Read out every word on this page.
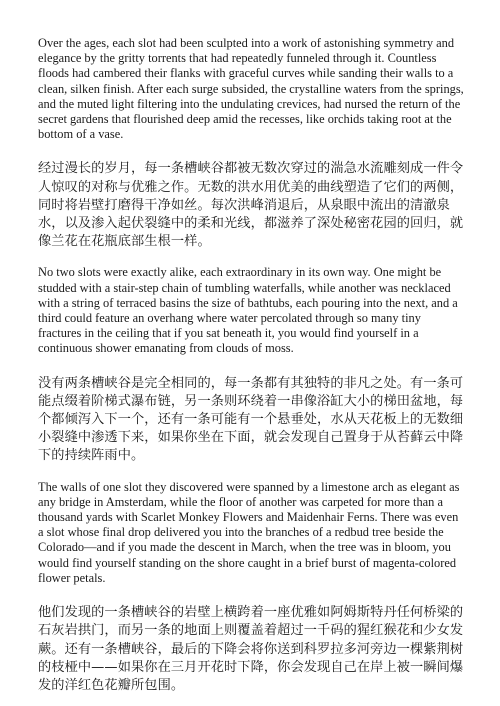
Over the ages, each slot had been sculpted into a work of astonishing symmetry and elegance by the gritty torrents that had repeatedly funneled through it. Countless floods had cambered their flanks with graceful curves while sanding their walls to a clean, silken finish. After each surge subsided, the crystalline waters from the springs, and the muted light filtering into the undulating crevices, had nursed the return of the secret gardens that flourished deep amid the recesses, like orchids taking root at the bottom of a vase.

经过漫长的岁月，每一条槽峡谷都被无数次穿过的湍急水流雕刻成一件令人惊叹的对称与优雅之作。无数的洪水用优美的曲线塑造了它们的两侧，同时将岩壁打磨得干净如丝。每次洪峰消退后，从泉眼中流出的清澈泉水，以及渗入起伏裂缝中的柔和光线，都滋养了深处秘密花园的回归，就像兰花在花瓶底部生根一样。

No two slots were exactly alike, each extraordinary in its own way. One might be studded with a stair-step chain of tumbling waterfalls, while another was necklaced with a string of terraced basins the size of bathtubs, each pouring into the next, and a third could feature an overhang where water percolated through so many tiny fractures in the ceiling that if you sat beneath it, you would find yourself in a continuous shower emanating from clouds of moss.

没有两条槽峡谷是完全相同的，每一条都有其独特的非凡之处。有一条可能点缀着阶梯式瀑布链，另一条则环绕着一串像浴缸大小的梯田盆地，每个都倾泻入下一个，还有一条可能有一个悬垂处，水从天花板上的无数细小裂缝中渗透下来，如果你坐在下面，就会发现自己置身于从苔藓云中降下的持续阵雨中。

The walls of one slot they discovered were spanned by a limestone arch as elegant as any bridge in Amsterdam, while the floor of another was carpeted for more than a thousand yards with Scarlet Monkey Flowers and Maidenhair Ferns. There was even a slot whose final drop delivered you into the branches of a redbud tree beside the Colorado—and if you made the descent in March, when the tree was in bloom, you would find yourself standing on the shore caught in a brief burst of magenta-colored flower petals.

他们发现的一条槽峡谷的岩壁上横跨着一座优雅如阿姆斯特丹任何桥梁的石灰岩拱门，而另一条的地面上则覆盖着超过一千码的猩红猴花和少女发蕨。还有一条槽峡谷，最后的下降会将你送到科罗拉多河旁边一棵紫荆树的枝桠中——如果你在三月开花时下降，你会发现自己在岸上被一瞬间爆发的洋红色花瓣所包围。
